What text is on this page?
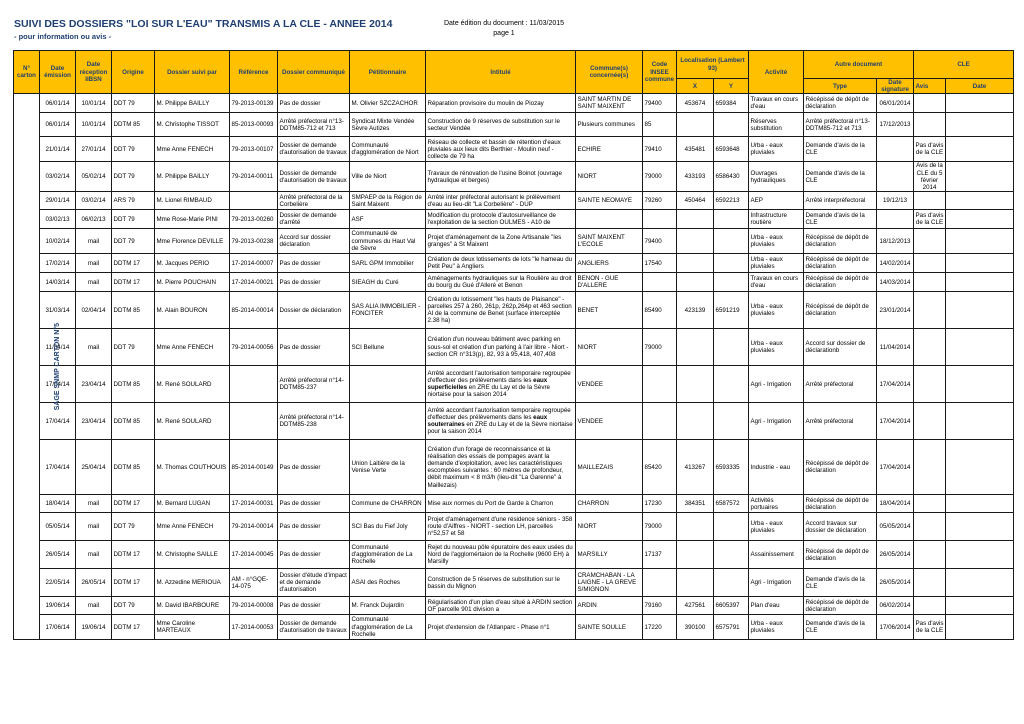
SUIVI DES DOSSIERS "LOI SUR L'EAU" TRANSMIS A LA CLE - ANNEE 2014
- pour information ou avis -
Date édition du document : 11/03/2015
page 1
N° carton	Date émission	Date réception IIBSN	Origine	Dossier suivi par	Référence	Dossier communiqué	Pétitionnaire	Intitulé	Commune(s) concernée(s)	Code INSEE commune	Localisation (Lambert 93)		Activité	Autre document		CLE	
											X	Y		Type	Date signature	Avis	Date
SAGE SNMP CARTON N°5	06/01/14	10/01/14	DDT 79	M. Philippe BAILLY	79-2013-00139	Pas de dossier	M. Olivier SZCZACHOR	Réparation provisoire du moulin de Piozay	SAINT MARTIN DE SAINT MAIXENT	79400	453674	659384	Travaux en cours d'eau	Récépissé de dépôt de déclaration	06/01/2014		
	06/01/14	10/01/14	DDTM 85	M. Christophe TISSOT	85-2013-00093	Arrêté préfectoral n°13-DDTM85-712 et 713	Syndicat Mixte Vendée Sèvre Autizes	Construction de 9 réserves de substitution sur le secteur Vendée	Plusieurs communes	85			Réserves substitution	Arrêté préfectoral n°13-DDTM85-712 et 713	17/12/2013		
	21/01/14	27/01/14	DDT 79	Mme Anne FENECH	79-2013-00107	Dossier de demande d'autorisation de travaux	Communauté d'agglomération de Niort	Réseau de collecte et bassin de rétention d'eaux pluviales aux lieux dits Berthier - Moulin neuf - collecte de 79 ha	ECHIRE	79410	435481	6593648	Urba - eaux pluviales	Demande d'avis de la CLE		Pas d'avis de la CLE	
	03/02/14	05/02/14	DDT 79	M. Philippe BAILLY	79-2014-00011	Dossier de demande d'autorisation de travaux	Ville de Niort	Travaux de rénovation de l'usine Boinot (ouvrage hydraulique et berges)	NIORT	79000	433193	6586430	Ouvrages hydrauliques	Demande d'avis de la CLE		Avis de la CLE du 5 février 2014	
	29/01/14	03/02/14	ARS 79	M. Lionel RIMBAUD		Arrêté préfectoral de la Corbelière	SMPAEP de la Région de Saint Maixent	Arrêté inter préfectoral autorisant le prélèvement d'eau au lieu-dit "La Corbelière" - DUP	SAINTE NEOMAYE	79260	450464	6592213	AEP	Arrêté interpréfectoral	19/12/13		
	03/02/13	06/02/13	DDT 79	Mme Rose-Marie PINI	79-2013-00260	Dossier de demande d'arrêté	ASF	Modification du protocole d'autosurveillance de l'exploitation de la section OULMES - A10 de					Infrastructure routière	Demande d'avis de la CLE		Pas d'avis de la CLE	
	10/02/14	mail	DDT 79	Mme Florence DEVILLE	79-2013-00238	Accord sur dossier déclaration	Communauté de communes du Haut Val de Sèvre	Projet d'aménagement de la Zone Artisanale "les granges" à St Maixent	SAINT MAIXENT L'ECOLE	79400			Urba - eaux pluviales	Récépissé de dépôt de déclaration	18/12/2013		
	17/02/14	mail	DDTM 17	M. Jacques PERIO	17-2014-00007	Pas de dossier	SARL GPM Immobilier	Création de deux lotissements de lots "le hameau du Petit Peu" à Angliers	ANGLIERS	17540			Urba - eaux pluviales	Récépissé de dépôt de déclaration	14/02/2014		
	14/03/14	mail	DDTM 17	M. Pierre POUCHAIN	17-2014-00021	Pas de dossier	SIEAGH du Curé	Aménagements hydrauliques sur la Roulière au droit du bourg du Gué d'Alleré et Benon	BENON - GUE D'ALLERE				Travaux en cours d'eau	Récépissé de dépôt de déclaration	14/03/2014		
	31/03/14	02/04/14	DDTM 85	M. Alain BOURON	85-2014-00014	Dossier de déclaration	SAS ALIA IMMOBILIER - FONCITER	Création du lotissement "les hauts de Plaisance" - parcelles 257 à 260, 261p, 262p,264p et 463 section AI de la commune de Benet (surface interceptée 2.38 ha)	BENET	85490	423139	6591219	Urba - eaux pluviales	Récépissé de dépôt de déclaration	23/01/2014		
	11/04/14	mail	DDT 79	Mme Anne FENECH	79-2014-00056	Pas de dossier	SCI Bellune	Création d'un nouveau bâtiment avec parking en sous-sol et création d'un parking à l'air libre - Niort - section CR n°313(p), 82, 93 à 95,418, 407,408	NIORT	79000			Urba - eaux pluviales	Accord sur dossier de déclarationb	11/04/2014		
	17/04/14	23/04/14	DDTM 85	M. René SOULARD		Arrêté préfectoral n°14-DDTM85-237		Arrêté accordant l'autorisation temporaire regroupée d'effectuer des prélèvements dans les eaux superficielles en ZRE du Lay et de la Sèvre niortaise pour la saison 2014	VENDEE				Agri - Irrigation	Arrêté préfectoral	17/04/2014		
	17/04/14	23/04/14	DDTM 85	M. René SOULARD		Arrêté préfectoral n°14-DDTM85-238		Arrêté accordant l'autorisation temporaire regroupée d'effectuer des prélèvements dans les eaux souterraines en ZRE du Lay et de la Sèvre niortaise pour la saison 2014	VENDEE				Agri - Irrigation	Arrêté préfectoral	17/04/2014		
	17/04/14	25/04/14	DDTM 85	M. Thomas COUTHOUIS	85-2014-00149	Pas de dossier	Union Laitière de la Venise Verte	Création d'un forage de reconnaissance et la réalisation des essais de pompages avant la demande d'exploitation, avec les caractéristiques escomptées suivantes : 60 mètres de profondeur, débit maximum < 8 m3/h (lieu-dit "La Garenne" à Maillezais)	MAILLEZAIS	85420	413267	6593335	Industrie - eau	Récépissé de dépôt de déclaration	17/04/2014		
	18/04/14	mail	DDTM 17	M. Bernard LUGAN	17-2014-00031	Pas de dossier	Commune de CHARRON	Mise aux normes du Port de Garde à Charron	CHARRON	17230	384351	6587572	Activités portuaires	Récépissé de dépôt de déclaration	18/04/2014		
	05/05/14	mail	DDT 79	Mme Anne FENECH	79-2014-00014	Pas de dossier	SCI Bas du Fief Joly	Projet d'aménagement d'une résidence séniors - 358 route d'Aiffres - NIORT - section LH, parcelles n°52,57 et 58	NIORT	79000			Urba - eaux pluviales	Accord travaux sur dossier de déclaration	05/05/2014		
	26/05/14	mail	DDTM 17	M. Christophe SAILLE	17-2014-00045	Pas de dossier	Communauté d'agglomération de La Rochelle	Rejet du nouveau pôle épuratoire des eaux usées du Nord de l'agglomértaion de la Rochelle (9600 EH) à Marsilly	MARSILLY	17137			Assainissement	Récépissé de dépôt de déclaration	26/05/2014		
	22/05/14	26/05/14	DDTM 17	M. Azzedine MERIOUA	AM - n°GQE-14-075	Dossier d'étude d'impact et de demande d'autorisation	ASAI des Roches	Construction de 5 réserves de substitution sur le bassin du Mignon	CRAMCHABAN - LA LAIGNE - LA GREVE S/MIGNON				Agri - Irrigation	Demande d'avis de la CLE	26/05/2014		
	19/06/14	mail	DDT 79	M. David IBARBOURE	79-2014-00008	Pas de dossier	M. Franck Dujardin	Régularisation d'un plan d'eau situé à ARDIN section OF parcelle 901 division a	ARDIN	79160	427561	6605397	Plan d'eau	Récépissé de dépôt de déclaration	06/02/2014		
	17/06/14	19/06/14	DDTM 17	Mme Caroline MARTEAUX	17-2014-00053	Dossier de demande d'autorisation de travaux	Communauté d'agglomération de La Rochelle	Projet d'extension de l'Atlanparc - Phase n°1	SAINTE SOULLE	17220	390100	6575791	Urba - eaux pluviales	Demande d'avis de la CLE	17/06/2014	Pas d'avis de la CLE	
